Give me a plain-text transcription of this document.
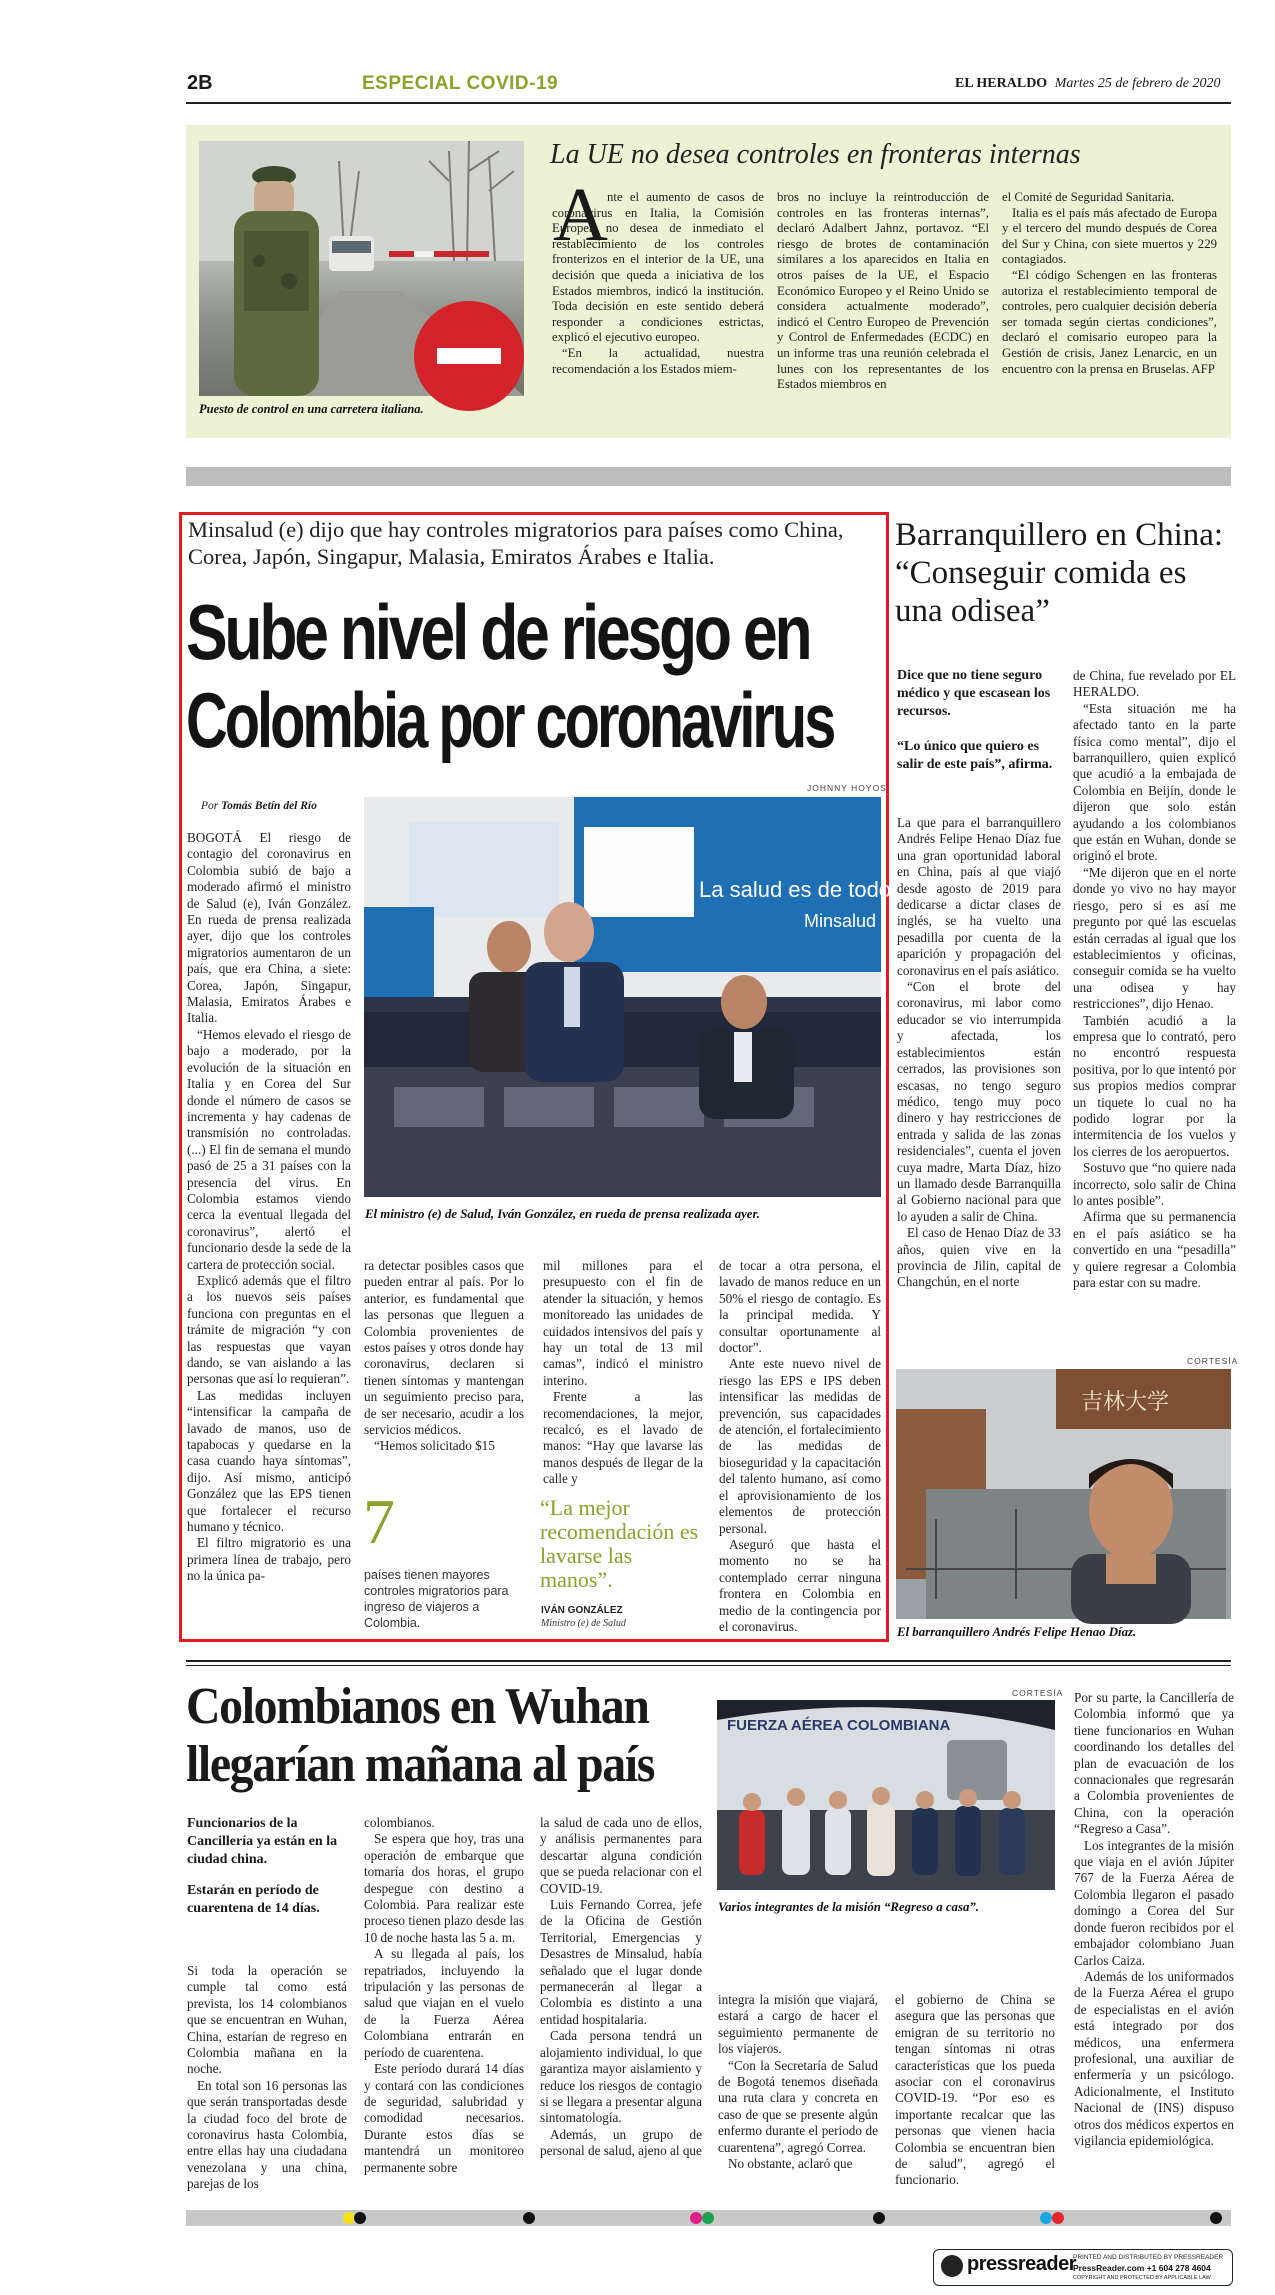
2B	ESPECIAL COVID-19	EL HERALDO Martes 25 de febrero de 2020
Puesto de control en una carretera italiana.
La UE no desea controles en fronteras internas
A nte el aumento de casos de coronavirus en Italia, la Comisión Europea no desea de inmediato el restablecimiento de los controles fronterizos en el interior de la UE, una decisión que queda a iniciativa de los Estados miembros, indicó la institución. Toda decisión en este sentido deberá responder a condiciones estrictas, explicó el ejecutivo europeo.

“En la actualidad, nuestra recomendación a los Estados miem-

bros no incluye la reintroducción de controles en las fronteras internas”, declaró Adalbert Jahnz, portavoz. “El riesgo de brotes de contaminación similares a los aparecidos en Italia en otros países de la UE, el Espacio Económico Europeo y el Reino Unido se considera actualmente moderado”, indicó el Centro Europeo de Prevención y Control de Enfermedades (ECDC) en un informe tras una reunión celebrada el lunes con los representantes de los Estados miembros en

el Comité de Seguridad Sanitaria.

Italia es el país más afectado de Europa y el tercero del mundo después de Corea del Sur y China, con siete muertos y 229 contagiados.

“El código Schengen en las fronteras autoriza el restablecimiento temporal de controles, pero cualquier decisión debería ser tomada según ciertas condiciones”, declaró el comisario europeo para la Gestión de crisis, Janez Lenarcic, en un encuentro con la prensa en Bruselas. AFP

Minsalud (e) dijo que hay controles migratorios para países como China, Corea, Japón, Singapur, Malasia, Emiratos Árabes e Italia.
Sube nivel de riesgo en
Colombia por coronavirus
Por Tomás Betín del Río
JOHNNY HOYOS
La salud es de todos
Minsalud
El ministro (e) de Salud, Iván González, en rueda de prensa realizada ayer.

BOGOTÁ El riesgo de contagio del coronavirus en Colombia subió de bajo a moderado afirmó el ministro de Salud (e), Iván González. En rueda de prensa realizada ayer, dijo que los controles migratorios aumentaron de un país, que era China, a siete: Corea, Japón, Singapur, Malasia, Emiratos Árabes e Italia.

“Hemos elevado el riesgo de bajo a moderado, por la evolución de la situación en Italia y en Corea del Sur donde el número de casos se incrementa y hay cadenas de transmisión no controladas. (...) El fin de semana el mundo pasó de 25 a 31 países con la presencia del virus. En Colombia estamos viendo cerca la eventual llegada del coronavirus”, alertó el funcionario desde la sede de la cartera de protección social.

Explicó además que el filtro a los nuevos seis países funciona con preguntas en el trámite de migración “y con las respuestas que vayan dando, se van aislando a las personas que así lo requieran”.

Las medidas incluyen “intensificar la campaña de lavado de manos, uso de tapabocas y quedarse en la casa cuando haya síntomas”, dijo. Así mismo, anticipó González que las EPS tienen que fortalecer el recurso humano y técnico.

El filtro migratorio es una primera línea de trabajo, pero no la única pa-

ra detectar posibles casos que pueden entrar al país. Por lo anterior, es fundamental que las personas que lleguen a Colombia provenientes de estos países y otros donde hay coronavirus, declaren si tienen síntomas y mantengan un seguimiento preciso para, de ser necesario, acudir a los servicios médicos.

“Hemos solicitado $15

mil millones para el presupuesto con el fin de atender la situación, y hemos monitoreado las unidades de cuidados intensivos del país y hay un total de 13 mil camas”, indicó el ministro interino.

Frente a las recomendaciones, la mejor, recalcó, es el lavado de manos: “Hay que lavarse las manos después de llegar de la calle y

de tocar a otra persona, el lavado de manos reduce en un 50% el riesgo de contagio. Es la principal medida. Y consultar oportunamente al doctor”.

Ante este nuevo nivel de riesgo las EPS e IPS deben intensificar las medidas de prevención, sus capacidades de atención, el fortalecimiento de las medidas de bioseguridad y la capacitación del talento humano, así como el aprovisionamiento de los elementos de protección personal.

Aseguró que hasta el momento no se ha contemplado cerrar ninguna frontera en Colombia en medio de la contingencia por el coronavirus.

7
países tienen mayores controles migratorios para ingreso de viajeros a Colombia.
“La mejor recomendación es lavarse las manos”.
IVÁN GONZÁLEZ
Ministro (e) de Salud
Barranquillero en China: “Conseguir comida es una odisea”
Dice que no tiene seguro médico y que escasean los recursos.
“Lo único que quiero es salir de este país”, afirma.

La que para el barranquillero Andrés Felipe Henao Díaz fue una gran oportunidad laboral en China, país al que viajó desde agosto de 2019 para dedicarse a dictar clases de inglés, se ha vuelto una pesadilla por cuenta de la aparición y propagación del coronavirus en el país asiático.

“Con el brote del coronavirus, mi labor como educador se vio interrumpida y afectada, los establecimientos están cerrados, las provisiones son escasas, no tengo seguro médico, tengo muy poco dinero y hay restricciones de entrada y salida de las zonas residenciales”, cuenta el joven cuya madre, Marta Díaz, hizo un llamado desde Barranquilla al Gobierno nacional para que lo ayuden a salir de China.

El caso de Henao Díaz de 33 años, quien vive en la provincia de Jilin, capital de Changchún, en el norte

de China, fue revelado por EL HERALDO.

“Esta situación me ha afectado tanto en la parte física como mental”, dijo el barranquillero, quien explicó que acudió a la embajada de Colombia en Beijín, donde le dijeron que solo están ayudando a los colombianos que están en Wuhan, donde se originó el brote.

“Me dijeron que en el norte donde yo vivo no hay mayor riesgo, pero si es así me pregunto por qué las escuelas están cerradas al igual que los establecimientos y oficinas, conseguir comida se ha vuelto una odisea y hay restricciones”, dijo Henao.

También acudió a la empresa que lo contrató, pero no encontró respuesta positiva, por lo que intentó por sus propios medios comprar un tiquete lo cual no ha podido lograr por la intermitencia de los vuelos y los cierres de los aeropuertos.

Sostuvo que “no quiere nada incorrecto, solo salir de China lo antes posible”.

Afirma que su permanencia en el país asiático se ha convertido en una “pesadilla” y quiere regresar a Colombia para estar con su madre.

CORTESÍA
吉林大学
El barranquillero Andrés Felipe Henao Díaz.
Colombianos en Wuhan
llegarían mañana al país
Funcionarios de la Cancillería ya están en la ciudad china.
Estarán en período de cuarentena de 14 días.

Si toda la operación se cumple tal como está prevista, los 14 colombianos que se encuentran en Wuhan, China, estarían de regreso en Colombia mañana en la noche.

En total son 16 personas las que serán transportadas desde la ciudad foco del brote de coronavirus hasta Colombia, entre ellas hay una ciudadana venezolana y una china, parejas de los

colombianos.

Se espera que hoy, tras una operación de embarque que tomaría dos horas, el grupo despegue con destino a Colombia. Para realizar este proceso tienen plazo desde las 10 de noche hasta las 5 a. m.

A su llegada al país, los repatriados, incluyendo la tripulación y las personas de salud que viajan en el vuelo de la Fuerza Aérea Colombiana entrarán en período de cuarentena.

Este período durará 14 días y contará con las condiciones de seguridad, salubridad y comodidad necesarios. Durante estos días se mantendrá un monitoreo permanente sobre

la salud de cada uno de ellos, y análisis permanentes para descartar alguna condición que se pueda relacionar con el COVID-19.

Luis Fernando Correa, jefe de la Oficina de Gestión Territorial, Emergencias y Desastres de Minsalud, había señalado que el lugar donde permanecerán al llegar a Colombia es distinto a una entidad hospitalaria.

Cada persona tendrá un alojamiento individual, lo que garantiza mayor aislamiento y reduce los riesgos de contagio si se llegara a presentar alguna sintomatología.

Además, un grupo de personal de salud, ajeno al que

CORTESÍA
FUERZA AÉREA COLOMBIANA
Varios integrantes de la misión “Regreso a casa”.

integra la misión que viajará, estará a cargo de hacer el seguimiento permanente de los viajeros.

“Con la Secretaría de Salud de Bogotá tenemos diseñada una ruta clara y concreta en caso de que se presente algún enfermo durante el periodo de cuarentena”, agregó Correa.

No obstante, aclaró que

el gobierno de China se asegura que las personas que emigran de su territorio no tengan síntomas ni otras características que los pueda asociar con el coronavirus COVID-19. “Por eso es importante recalcar que las personas que vienen hacia Colombia se encuentran bien de salud”, agregó el funcionario.

Por su parte, la Cancillería de Colombia informó que ya tiene funcionarios en Wuhan coordinando los detalles del plan de evacuación de los connacionales que regresarán a Colombia provenientes de China, con la operación “Regreso a Casa”.

Los integrantes de la misión que viaja en el avión Júpiter 767 de la Fuerza Aérea de Colombia llegaron el pasado domingo a Corea del Sur donde fueron recibidos por el embajador colombiano Juan Carlos Caiza.

Además de los uniformados de la Fuerza Aérea el grupo de especialistas en el avión está integrado por dos médicos, una enfermera profesional, una auxiliar de enfermería y un psicólogo. Adicionalmente, el Instituto Nacional de (INS) dispuso otros dos médicos expertos en vigilancia epidemiológica.

pressreader
PRINTED AND DISTRIBUTED BY PRESSREADER
PressReader.com +1 604 278 4604
COPYRIGHT AND PROTECTED BY APPLICABLE LAW
